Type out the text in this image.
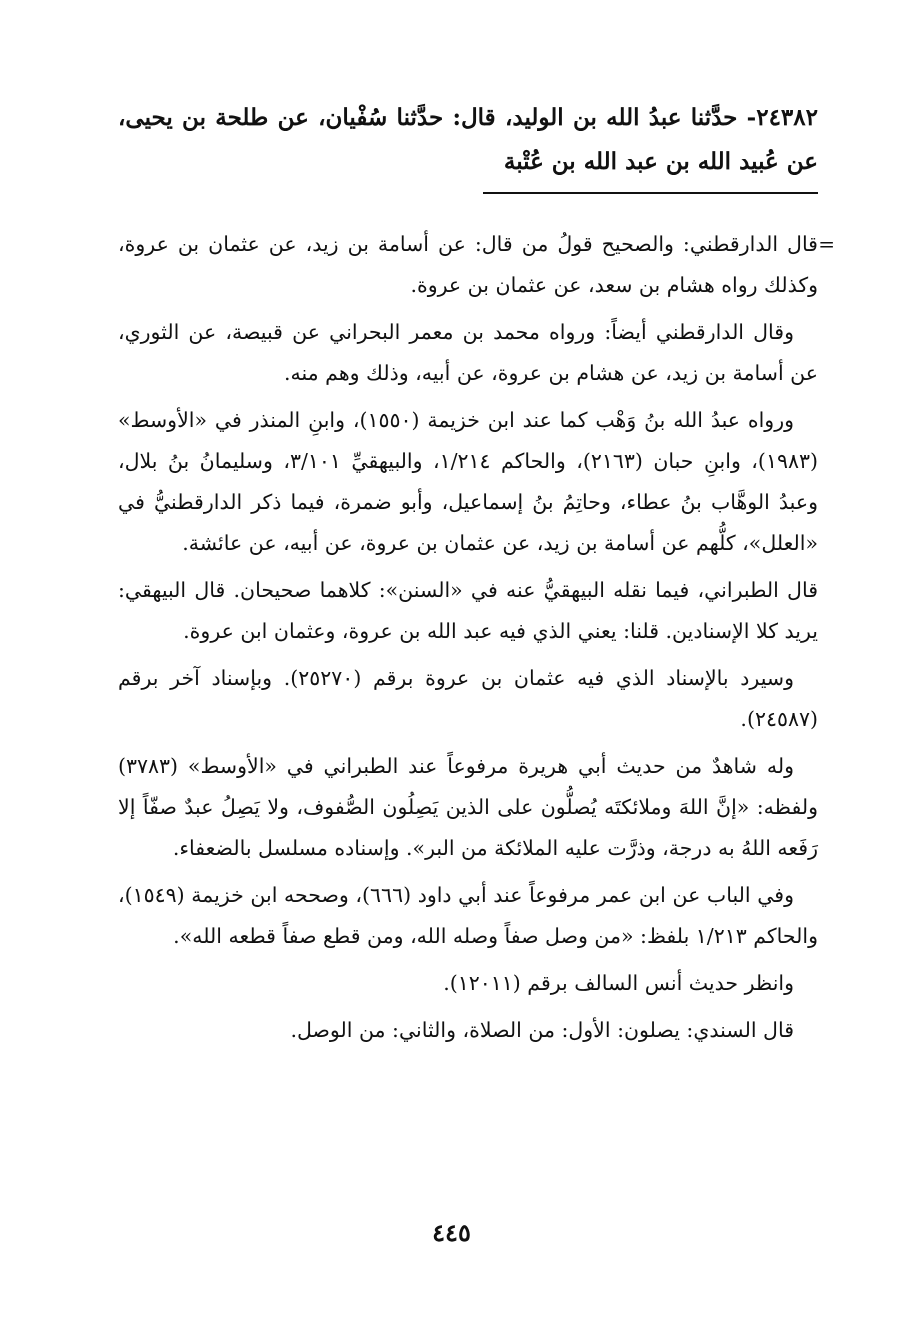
٢٤٣٨٢- حدَّثنا عبدُ الله بن الوليد، قال: حدَّثنا سُفْيان، عن طلحة بن يحيى، عن عُبيد الله بن عبد الله بن عُتْبة
=

قال الدارقطني: والصحيح قولُ من قال: عن أسامة بن زيد، عن عثمان بن عروة، وكذلك رواه هشام بن سعد، عن عثمان بن عروة.

وقال الدارقطني أيضاً: ورواه محمد بن معمر البحراني عن قبيصة، عن الثوري، عن أسامة بن زيد، عن هشام بن عروة، عن أبيه، وذلك وهم منه.

ورواه عبدُ الله بنُ وَهْب كما عند ابن خزيمة (١٥٥٠)، وابنِ المنذر في «الأوسط» (١٩٨٣)، وابنِ حبان (٢١٦٣)، والحاكم ١/٢١٤، والبيهقيِّ ٣/١٠١، وسليمانُ بنُ بلال، وعبدُ الوهَّاب بنُ عطاء، وحاتِمُ بنُ إسماعيل، وأبو ضمرة، فيما ذكر الدارقطنيُّ في «العلل»، كلُّهم عن أسامة بن زيد، عن عثمان بن عروة، عن أبيه، عن عائشة.

قال الطبراني، فيما نقله البيهقيُّ عنه في «السنن»: كلاهما صحيحان. قال البيهقي: يريد كلا الإسنادين. قلنا: يعني الذي فيه عبد الله بن عروة، وعثمان ابن عروة.

وسيرد بالإسناد الذي فيه عثمان بن عروة برقم (٢٥٢٧٠). وبإسناد آخر برقم (٢٤٥٨٧).

وله شاهدٌ من حديث أبي هريرة مرفوعاً عند الطبراني في «الأوسط» (٣٧٨٣) ولفظه: «إنَّ اللهَ وملائكتَه يُصلُّون على الذين يَصِلُون الصُّفوف، ولا يَصِلُ عبدٌ صفّاً إلا رَفَعه اللهُ به درجة، وذرَّت عليه الملائكة من البر». وإسناده مسلسل بالضعفاء.

وفي الباب عن ابن عمر مرفوعاً عند أبي داود (٦٦٦)، وصححه ابن خزيمة (١٥٤٩)، والحاكم ١/٢١٣ بلفظ: «من وصل صفاً وصله الله، ومن قطع صفاً قطعه الله».

وانظر حديث أنس السالف برقم (١٢٠١١).

قال السندي: يصلون: الأول: من الصلاة، والثاني: من الوصل.

٤٤٥
